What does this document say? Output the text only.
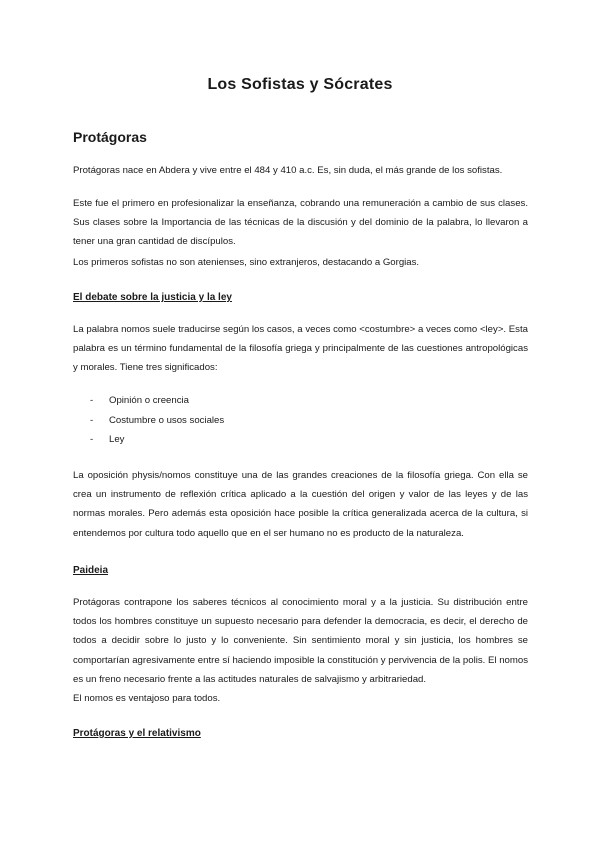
Los Sofistas y Sócrates
Protágoras
Protágoras nace en Abdera y vive entre el 484 y 410 a.c. Es, sin duda, el más grande de los sofistas.
Este fue el primero en profesionalizar la enseñanza, cobrando una remuneración a cambio de sus clases. Sus clases sobre la Importancia de las técnicas de la discusión y del dominio de la palabra, lo llevaron a tener una gran cantidad de discípulos.
Los primeros sofistas no son atenienses, sino extranjeros, destacando a Gorgias.
El debate sobre la justicia y la ley
La palabra nomos suele traducirse según los casos, a veces como <costumbre> a veces como <ley>. Esta palabra es un término fundamental de la filosofía griega y principalmente de las cuestiones antropológicas y morales. Tiene tres significados:
- Opinión o creencia
- Costumbre o usos sociales
- Ley
La oposición physis/nomos constituye una de las grandes creaciones de la filosofía griega. Con ella se crea un instrumento de reflexión crítica aplicado a la cuestión del origen y valor de las leyes y de las normas morales. Pero además esta oposición hace posible la crítica generalizada acerca de la cultura, si entendemos por cultura todo aquello que en el ser humano no es producto de la naturaleza.
Paideia
Protágoras contrapone los saberes técnicos al conocimiento moral y a la justicia. Su distribución entre todos los hombres constituye un supuesto necesario para defender la democracia, es decir, el derecho de todos a decidir sobre lo justo y lo conveniente. Sin sentimiento moral y sin justicia, los hombres se comportarían agresivamente entre sí haciendo imposible la constitución y pervivencia de la polis. El nomos es un freno necesario frente a las actitudes naturales de salvajismo y arbitrariedad.
El nomos es ventajoso para todos.
Protágoras y el relativismo
